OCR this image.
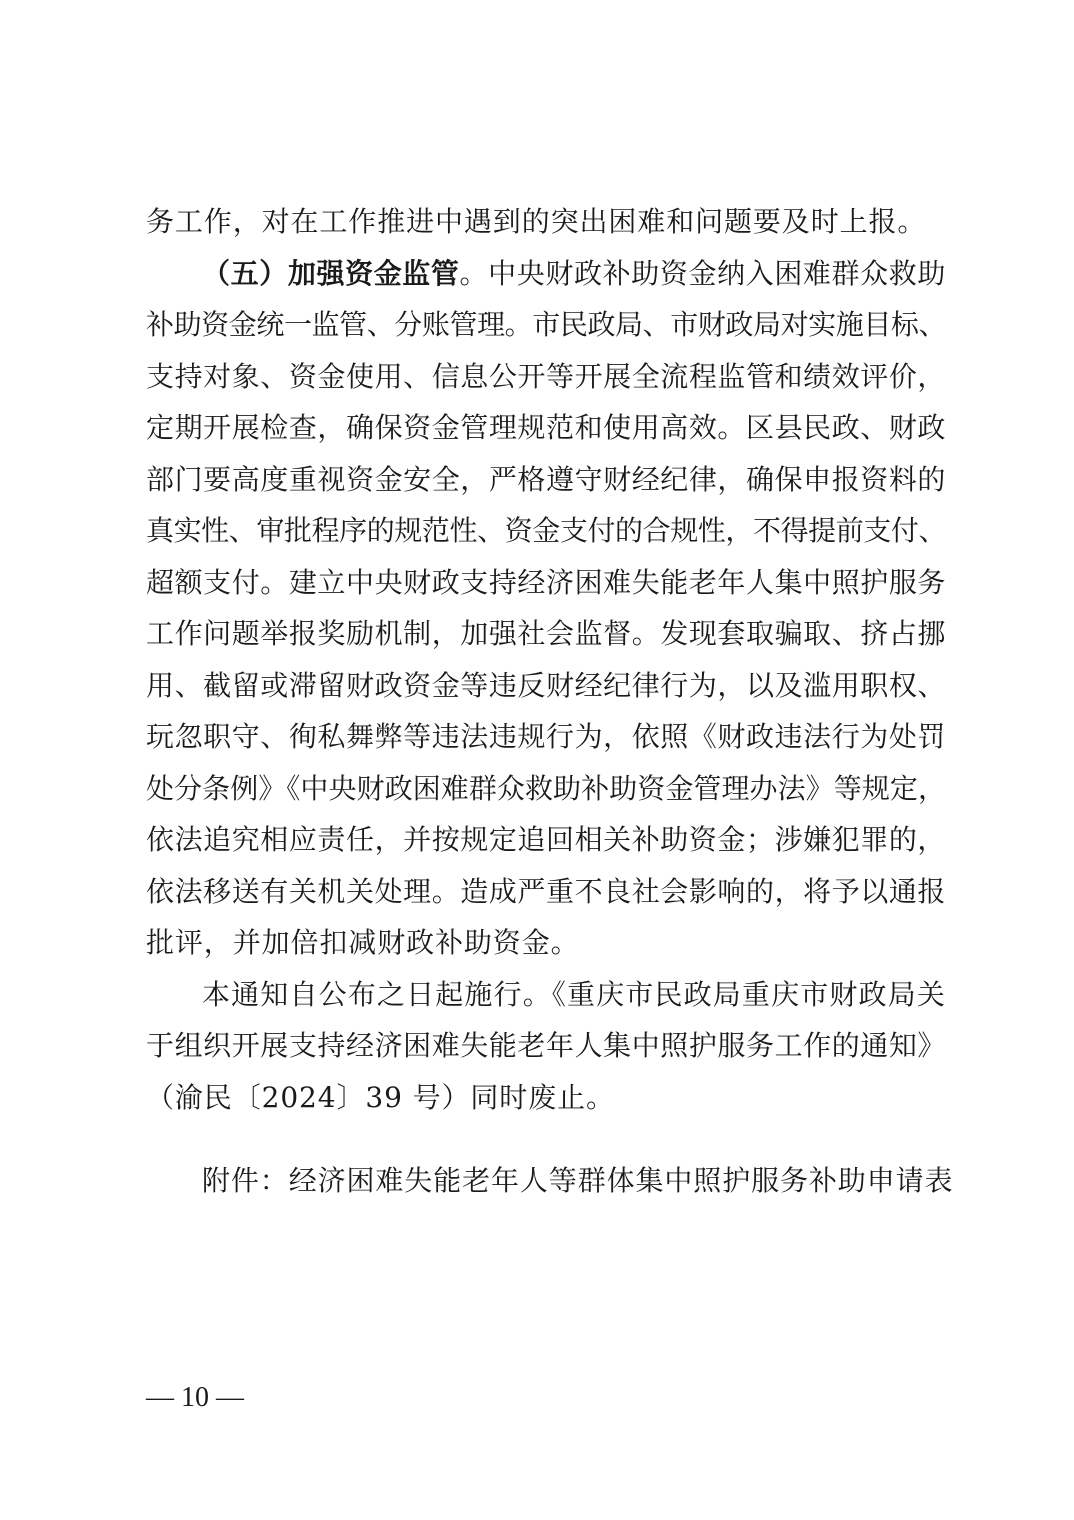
务工作，对在工作推进中遇到的突出困难和问题要及时上报。

（五）加强资金监管。中央财政补助资金纳入困难群众救助
补助资金统一监管、分账管理。市民政局、市财政局对实施目标、
支持对象、资金使用、信息公开等开展全流程监管和绩效评价，
定期开展检查，确保资金管理规范和使用高效。区县民政、财政
部门要高度重视资金安全，严格遵守财经纪律，确保申报资料的
真实性、审批程序的规范性、资金支付的合规性，不得提前支付、
超额支付。建立中央财政支持经济困难失能老年人集中照护服务
工作问题举报奖励机制，加强社会监督。发现套取骗取、挤占挪
用、截留或滞留财政资金等违反财经纪律行为，以及滥用职权、
玩忽职守、徇私舞弊等违法违规行为，依照《财政违法行为处罚
处分条例》《中央财政困难群众救助补助资金管理办法》等规定，
依法追究相应责任，并按规定追回相关补助资金；涉嫌犯罪的，
依法移送有关机关处理。造成严重不良社会影响的，将予以通报
批评，并加倍扣减财政补助资金。

本通知自公布之日起施行。《重庆市民政局重庆市财政局关
于组织开展支持经济困难失能老年人集中照护服务工作的通知》
（渝民〔2024〕39 号）同时废止。

附件：经济困难失能老年人等群体集中照护服务补助申请表
— 10 —
